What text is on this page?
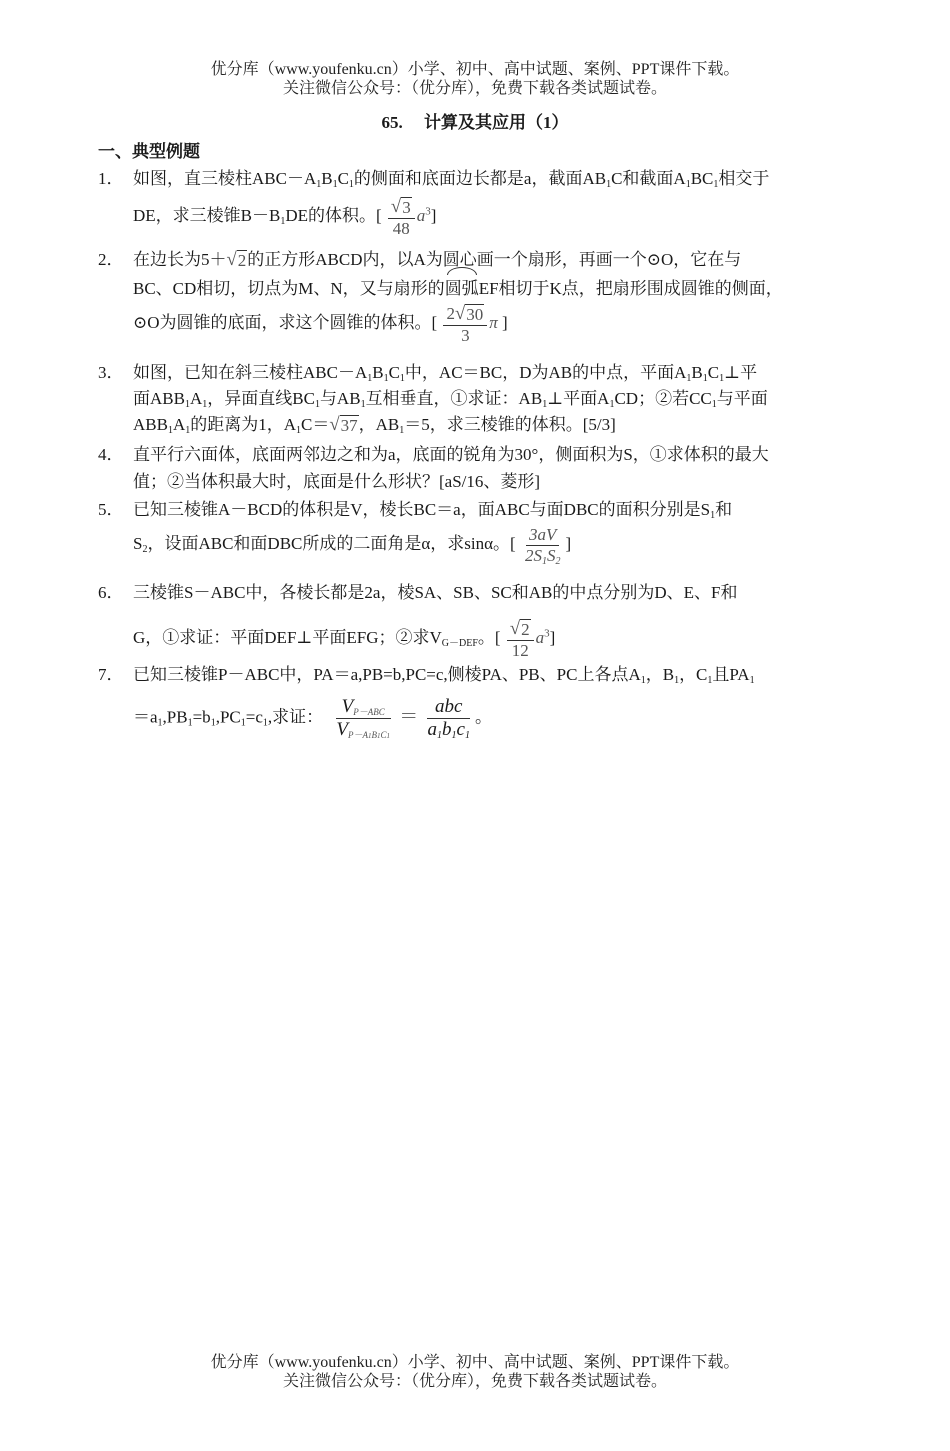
优分库（www.youfenku.cn）小学、初中、高中试题、案例、PPT课件下载。
关注微信公众号：（优分库），免费下载各类试题试卷。
65.     计算及其应用（1）
一、典型例题
1． 如图，直三棱柱$ABC-A_1B_1C_1$的侧面和底面边长都是a，截面$AB_1C$和截面$A_1BC_1$相交于
DE，求三棱锥$B-B_1DE$的体积。[ $\frac{√ 3}{48} a^3$]
2． 在边长为5＋ √ 2 的正方形ABCD内，以A为圆心画一个扇形，再画一个⊙O，它在与
BC、CD相切，切点为M、N，又与扇形的
圆弧EF相切于K点，把扇形围成圆锥的侧面，
⊙O为圆锥的底面，求这个圆锥的体积。[ $\frac{2 √ 30}{3}$ π ]
3． 如图，已知在斜三棱柱$ABC-A_1B_1C_1$中，AC＝BC，D为AB的中点，平面$A_1B_1C_1\perp$平
面$ABB_1A_1$，异面直线$BC_1$与$AB_1$互相垂直，①求证：$AB_1\perp$平面$A_1CD$；②若$CC_1$与平面
$ABB_1A_1$的距离为1，$A_1C=$ √ 37 ，$AB_1=5$，求三棱锥的体积。[5/3]
4． 直平行六面体，底面两邻边之和为a，底面的锐角为30°，侧面积为S，①求体积的最大
值；②当体积最大时，底面是什么形状？[aS/16、菱形]
5． 已知三棱锥A－BCD的体积是V，棱长BC＝a，面ABC与面DBC的面积分别是$S_1$和
$S_2$，设面ABC和面DBC所成的二面角是α，求sinα。[ $\frac{3aV}{2S_1S_2}$ ]
6． 三棱锥S－ABC中，各棱长都是2a，棱SA、SB、SC和AB的中点分别为D、E、F和
G，①求证：平面DEF⊥平面EFG；②求$V_{G-DEF}$。[ $\frac{√ 2}{12} a^3$]
7． 已知三棱锥P－ABC中，PA＝a,PB=b,PC=c,侧棱PA、PB、PC上各点$A_1$，$B_1$，$C_1$且$PA_1$
$=a_1,PB_1=b_1,PC_1=c_1$,求证： $\frac{V_{P-ABC}}{V_{P-A1B1C1}} = \frac{\text{abc}}{a_1b_1c_1}$ 。
优分库（www.youfenku.cn）小学、初中、高中试题、案例、PPT课件下载。
关注微信公众号：（优分库），免费下载各类试题试卷。
